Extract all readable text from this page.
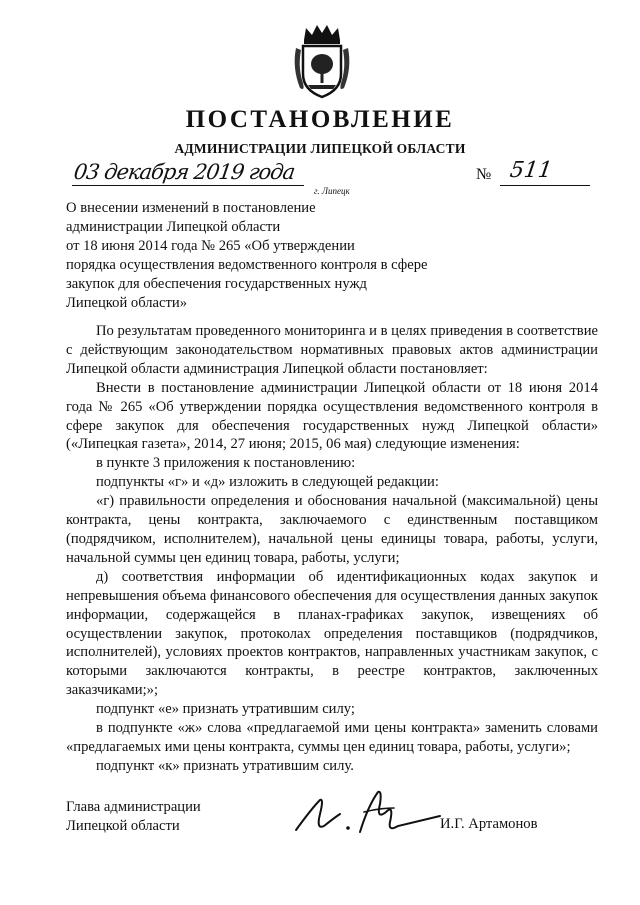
ПОСТАНОВЛЕНИЕ
АДМИНИСТРАЦИИ ЛИПЕЦКОЙ ОБЛАСТИ
03 декабря 2019 года
г. Липецк
№ 511
О внесении изменений в постановление
администрации Липецкой области
от 18 июня 2014 года № 265 «Об утверждении
порядка осуществления ведомственного контроля в сфере
закупок для обеспечения государственных нужд
Липецкой области»

По результатам проведенного мониторинга и в целях приведения в соответствие с действующим законодательством нормативных правовых актов администрации Липецкой области администрация Липецкой области постановляет:

Внести в постановление администрации Липецкой области от 18 июня 2014 года № 265 «Об утверждении порядка осуществления ведомственного контроля в сфере закупок для обеспечения государственных нужд Липецкой области» («Липецкая газета», 2014, 27 июня; 2015, 06 мая) следующие изменения:

в пункте 3 приложения к постановлению:

подпункты «г» и «д» изложить в следующей редакции:

«г) правильности определения и обоснования начальной (максимальной) цены контракта, цены контракта, заключаемого с единственным поставщиком (подрядчиком, исполнителем), начальной цены единицы товара, работы, услуги, начальной суммы цен единиц товара, работы, услуги;

д) соответствия информации об идентификационных кодах закупок и непревышения объема финансового обеспечения для осуществления данных закупок информации, содержащейся в планах-графиках закупок, извещениях об осуществлении закупок, протоколах определения поставщиков (подрядчиков, исполнителей), условиях проектов контрактов, направленных участникам закупок, с которыми заключаются контракты, в реестре контрактов, заключенных заказчиками;»;

подпункт «е» признать утратившим силу;

в подпункте «ж» слова «предлагаемой ими цены контракта» заменить словами «предлагаемых ими цены контракта, суммы цен единиц товара, работы, услуги»;

подпункт «к» признать утратившим силу.

Глава администрации
Липецкой области	И.Г. Артамонов
